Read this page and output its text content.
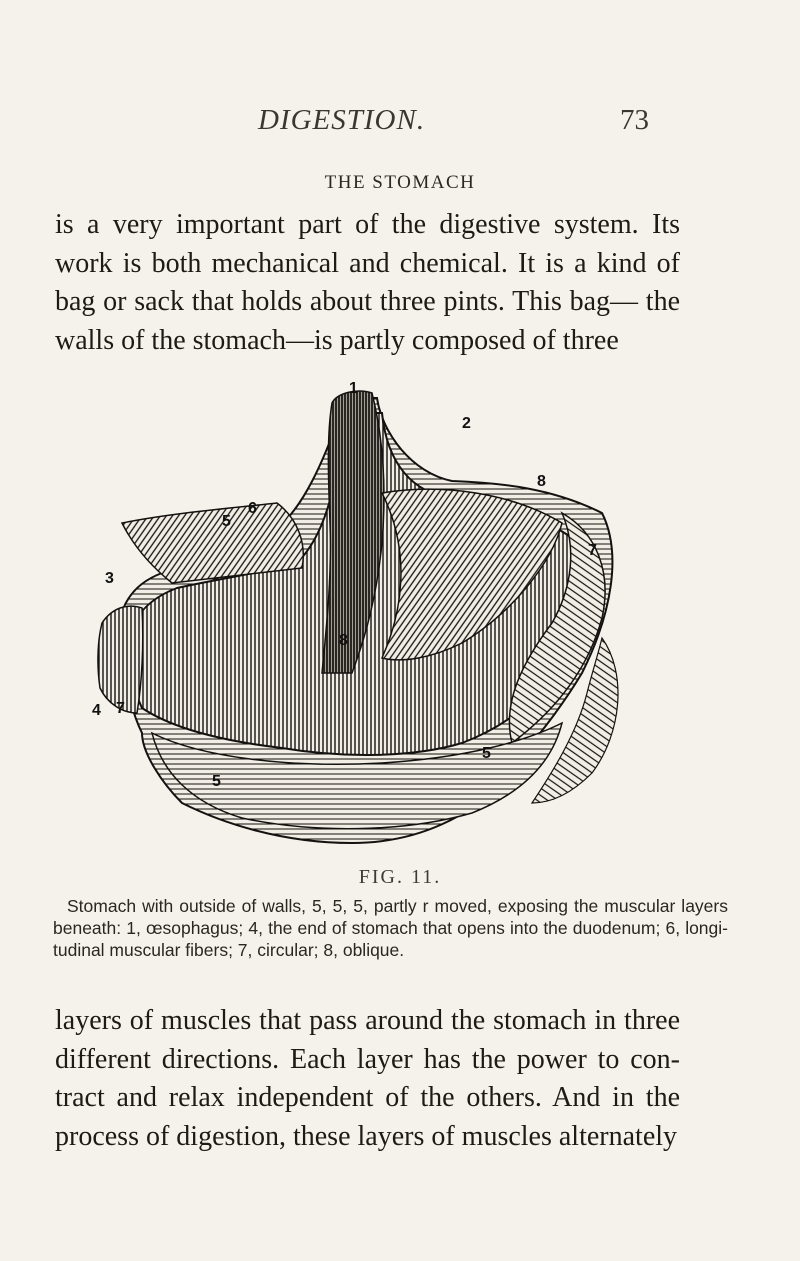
DIGESTION.	73
THE STOMACH

is a very important part of the digestive system. Its work is both mechanical and chemical. It is a kind of bag or sack that holds about three pints. This bag— the walls of the stomach—is partly composed of three

1
2
3
4
5
5
5
6
7
7
8
8
FIG. 11.

Stomach with outside of walls, 5, 5, 5, partly r moved, exposing the muscular layers beneath: 1, œsophagus; 4, the end of stomach that opens into the duodenum; 6, longi- tudinal muscular fibers; 7, circular; 8, oblique.

layers of muscles that pass around the stomach in three different directions. Each layer has the power to con- tract and relax independent of the others. And in the process of digestion, these layers of muscles alternately
